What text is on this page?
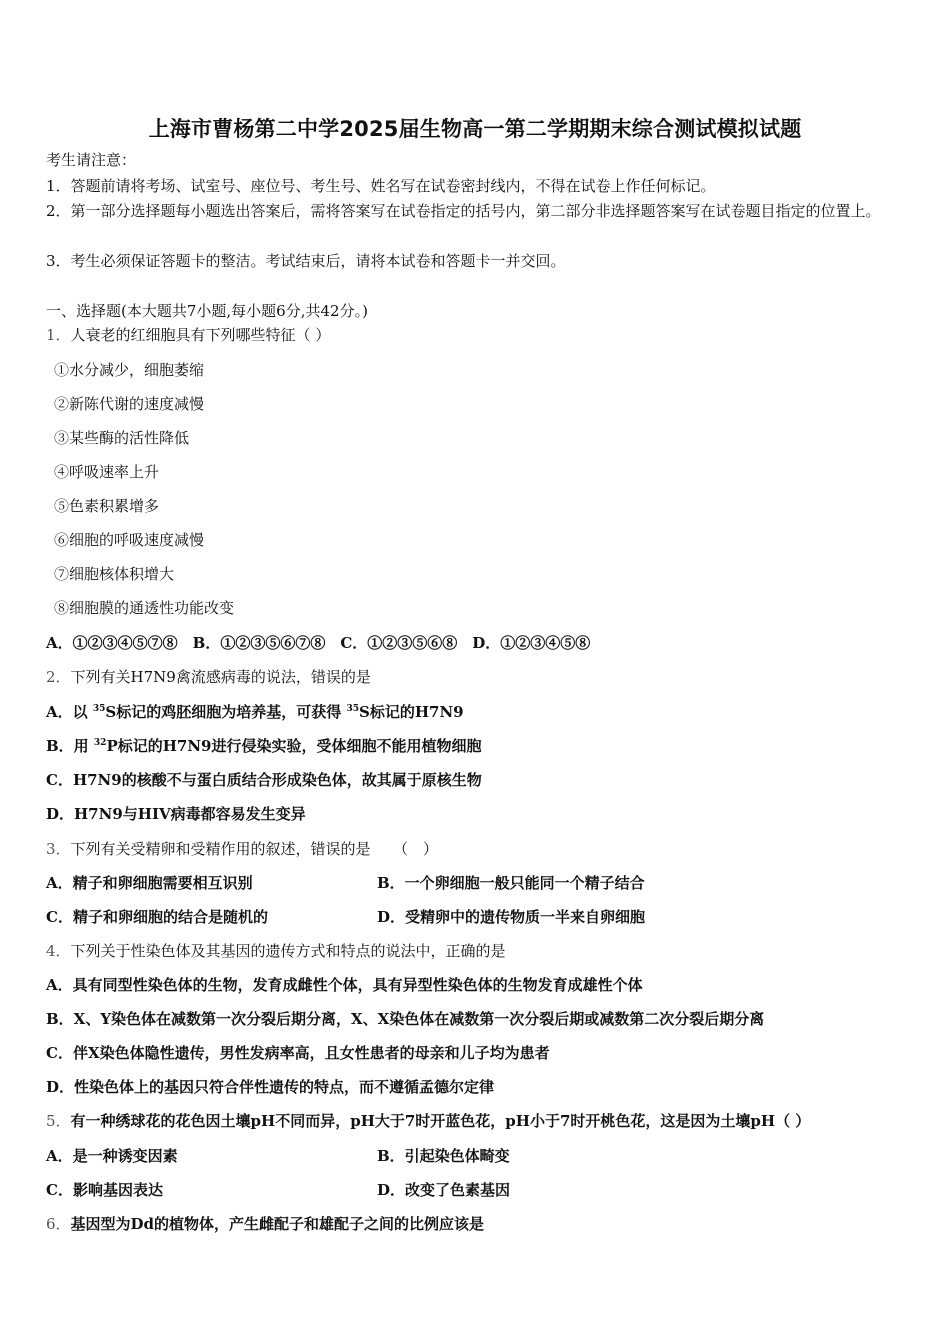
上海市曹杨第二中学2025届生物高一第二学期期末综合测试模拟试题
考生请注意：
1．答题前请将考场、试室号、座位号、考生号、姓名写在试卷密封线内，不得在试卷上作任何标记。
2．第一部分选择题每小题选出答案后，需将答案写在试卷指定的括号内，第二部分非选择题答案写在试卷题目指定的位置上。
3．考生必须保证答题卡的整洁。考试结束后，请将本试卷和答题卡一并交回。
一、选择题(本大题共7小题,每小题6分,共42分。)
1．人衰老的红细胞具有下列哪些特征（ ）
①水分减少，细胞萎缩
②新陈代谢的速度减慢
③某些酶的活性降低
④呼吸速率上升
⑤色素积累增多
⑥细胞的呼吸速度减慢
⑦细胞核体积增大
⑧细胞膜的通透性功能改变
A．①②③④⑤⑦⑧　B．①②③⑤⑥⑦⑧　C．①②③⑤⑥⑧　D．①②③④⑤⑧
2．下列有关H7N9禽流感病毒的说法，错误的是
A．以 $^{35}$S标记的鸡胚细胞为培养基，可获得 $^{35}$S标记的H7N9
B．用 $^{32}$P标记的H7N9进行侵染实验，受体细胞不能用植物细胞
C．H7N9的核酸不与蛋白质结合形成染色体，故其属于原核生物
D．H7N9与HIV病毒都容易发生变异
3．下列有关受精卵和受精作用的叙述，错误的是　　（　）
A．精子和卵细胞需要相互识别	B．一个卵细胞一般只能同一个精子结合
C．精子和卵细胞的结合是随机的	D．受精卵中的遗传物质一半来自卵细胞
4．下列关于性染色体及其基因的遗传方式和特点的说法中，正确的是
A．具有同型性染色体的生物，发育成雌性个体，具有异型性染色体的生物发育成雄性个体
B．X、Y染色体在减数第一次分裂后期分离，X、X染色体在减数第一次分裂后期或减数第二次分裂后期分离
C．伴X染色体隐性遗传，男性发病率高，且女性患者的母亲和儿子均为患者
D．性染色体上的基因只符合伴性遗传的特点，而不遵循孟德尔定律
5．有一种绣球花的花色因土壤pH不同而异，pH大于7时开蓝色花，pH小于7时开桃色花，这是因为土壤pH（ ）
A．是一种诱变因素	B．引起染色体畸变
C．影响基因表达	D．改变了色素基因
6．基因型为Dd的植物体，产生雌配子和雄配子之间的比例应该是
